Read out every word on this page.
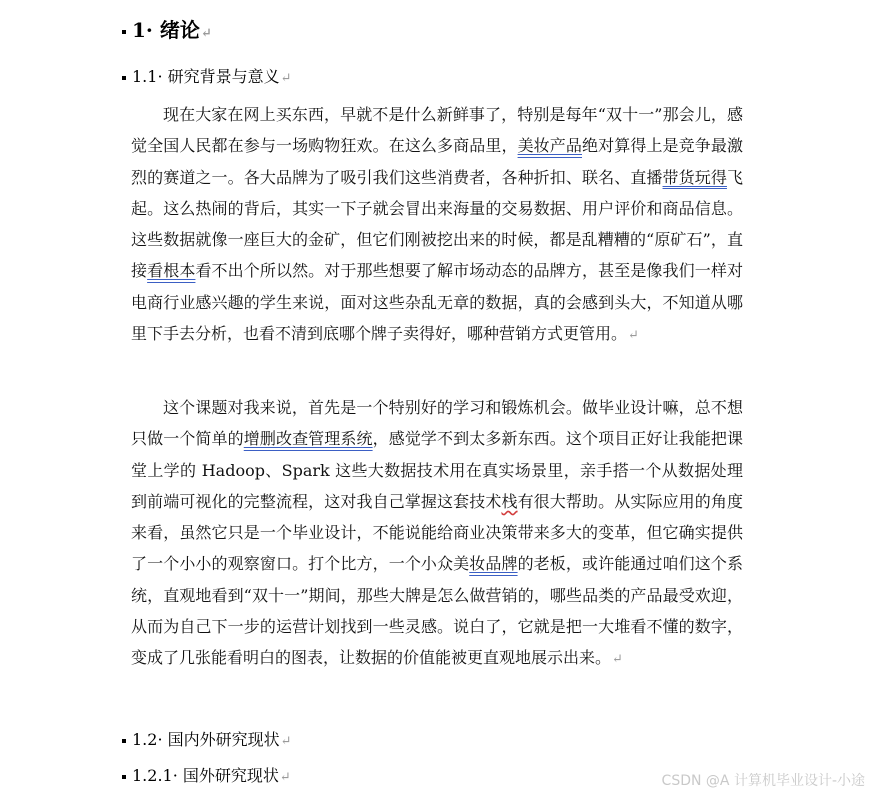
1· 绪论↵
1.1· 研究背景与意义↵

现在大家在网上买东西，早就不是什么新鲜事了，特别是每年“双十一”那会儿，感觉全国人民都在参与一场购物狂欢。在这么多商品里，美妆产品绝对算得上是竞争最激烈的赛道之一。各大品牌为了吸引我们这些消费者，各种折扣、联名、直播带货玩得飞起。这么热闹的背后，其实一下子就会冒出来海量的交易数据、用户评价和商品信息。这些数据就像一座巨大的金矿，但它们刚被挖出来的时候，都是乱糟糟的“原矿石”，直接看根本看不出个所以然。对于那些想要了解市场动态的品牌方，甚至是像我们一样对电商行业感兴趣的学生来说，面对这些杂乱无章的数据，真的会感到头大，不知道从哪里下手去分析，也看不清到底哪个牌子卖得好，哪种营销方式更管用。↵

这个课题对我来说，首先是一个特别好的学习和锻炼机会。做毕业设计嘛，总不想只做一个简单的增删改查管理系统，感觉学不到太多新东西。这个项目正好让我能把课堂上学的 Hadoop、Spark 这些大数据技术用在真实场景里，亲手搭一个从数据处理到前端可视化的完整流程，这对我自己掌握这套技术栈有很大帮助。从实际应用的角度来看，虽然它只是一个毕业设计，不能说能给商业决策带来多大的变革，但它确实提供了一个小小的观察窗口。打个比方，一个小众美妆品牌的老板，或许能通过咱们这个系统，直观地看到“双十一”期间，那些大牌是怎么做营销的，哪些品类的产品最受欢迎，从而为自己下一步的运营计划找到一些灵感。说白了，它就是把一大堆看不懂的数字，变成了几张能看明白的图表，让数据的价值能被更直观地展示出来。↵

1.2· 国内外研究现状↵
1.2.1· 国外研究现状↵	CSDN @A 计算机毕业设计-小途
